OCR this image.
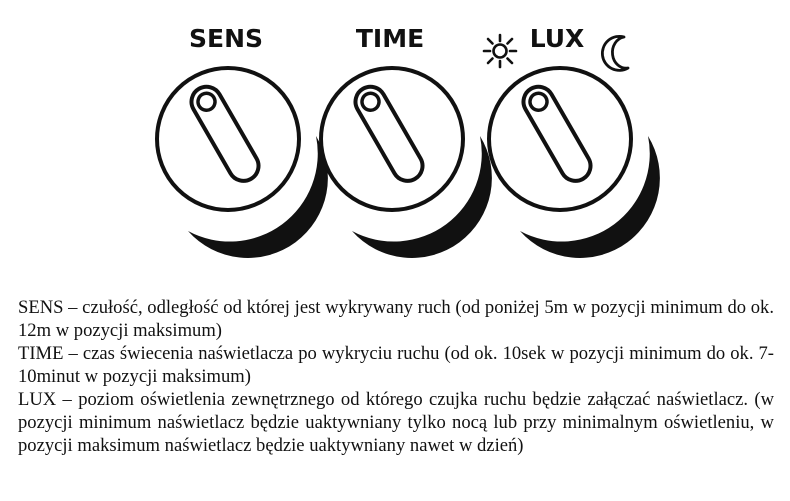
SENS	TIME	LUX

SENS – czułość, odległość od której jest wykrywany ruch (od poniżej 5m w pozycji minimum do ok. 12m w pozycji maksimum)

TIME – czas świecenia naświetlacza po wykryciu ruchu (od ok. 10sek w pozycji minimum do ok. 7-10minut w pozycji maksimum)

LUX – poziom oświetlenia zewnętrznego od którego czujka ruchu będzie załączać naświetlacz. (w pozycji minimum naświetlacz będzie uaktywniany tylko nocą lub przy minimalnym oświetleniu, w pozycji maksimum naświetlacz będzie uaktywniany nawet w dzień)
